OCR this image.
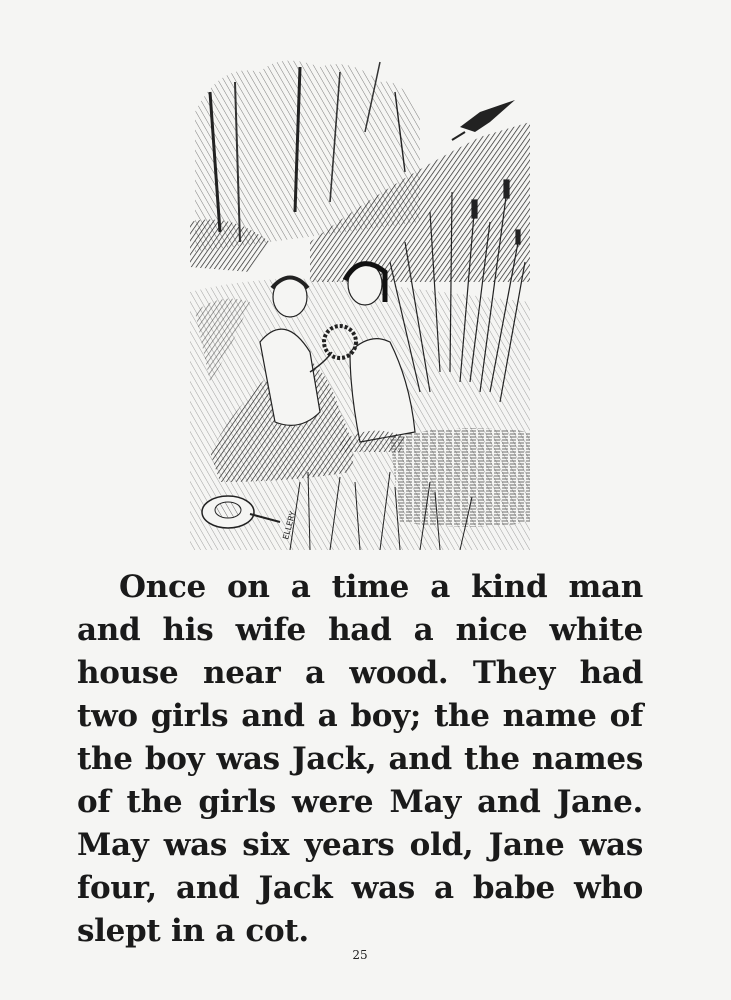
ELLERY
Once on a time a kind man
and his wife had a nice white
house near a wood. They had
two girls and a boy; the name of
the boy was Jack, and the names
of the girls were May and Jane.
May was six years old, Jane was
four, and Jack was a babe who
slept in a cot.
25
